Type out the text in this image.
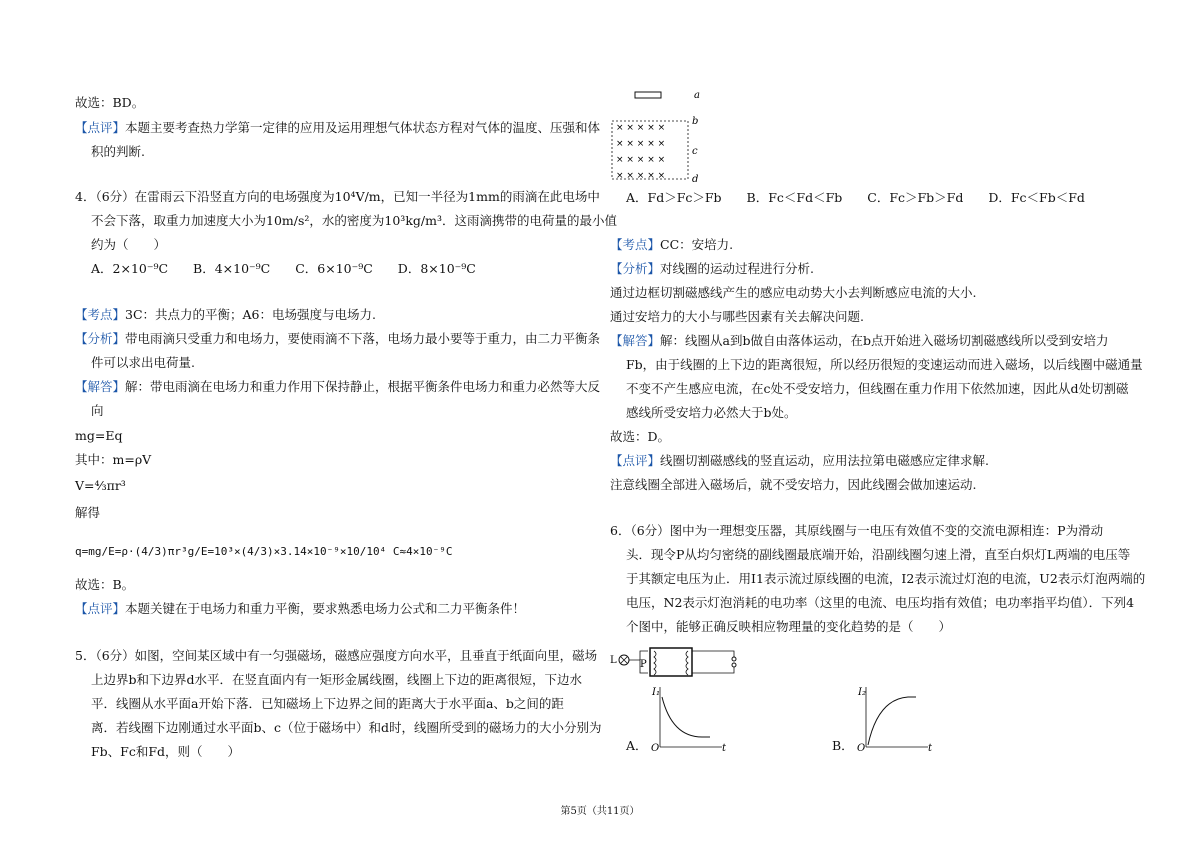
故选：BD。
【点评】本题主要考查热力学第一定律的应用及运用理想气体状态方程对气体的温度、压强和体
积的判断.
4．（6分）在雷雨云下沿竖直方向的电场强度为10⁴V/m，已知一半径为1mm的雨滴在此电场中
不会下落，取重力加速度大小为10m/s²，水的密度为10³kg/m³．这雨滴携带的电荷量的最小值
约为（　　）
A．2×10⁻⁹C　　B．4×10⁻⁹C　　C．6×10⁻⁹C　　D．8×10⁻⁹C
【考点】3C：共点力的平衡；A6：电场强度与电场力.
【分析】带电雨滴只受重力和电场力，要使雨滴不下落，电场力最小要等于重力，由二力平衡条
件可以求出电荷量.
【解答】解：带电雨滴在电场力和重力作用下保持静止，根据平衡条件电场力和重力必然等大反
向
mg=Eq
其中：m=ρV
V=⁴⁄₃πr³
解得
q=mg/E=ρ·(4/3)πr³g/E=10³×(4/3)×3.14×10⁻⁹×10/10⁴ C≈4×10⁻⁹C
故选：B。
【点评】本题关键在于电场力和重力平衡，要求熟悉电场力公式和二力平衡条件！
5．（6分）如图，空间某区域中有一匀强磁场，磁感应强度方向水平，且垂直于纸面向里，磁场
上边界b和下边界d水平．在竖直面内有一矩形金属线圈，线圈上下边的距离很短，下边水
平．线圈从水平面a开始下落．已知磁场上下边界之间的距离大于水平面a、b之间的距
离．若线圈下边刚通过水平面b、c（位于磁场中）和d时，线圈所受到的磁场力的大小分别为
Fb、Fc和Fd，则（　　）
× × × × ×
× × × × ×
× × × × ×
× × × × ×
a
b
c
d
A．Fd＞Fc＞Fb　　B．Fc＜Fd＜Fb　　C．Fc＞Fb＞Fd　　D．Fc＜Fb＜Fd
【考点】CC：安培力.
【分析】对线圈的运动过程进行分析.
通过边框切割磁感线产生的感应电动势大小去判断感应电流的大小.
通过安培力的大小与哪些因素有关去解决问题.
【解答】解：线圈从a到b做自由落体运动，在b点开始进入磁场切割磁感线所以受到安培力
Fb，由于线圈的上下边的距离很短，所以经历很短的变速运动而进入磁场，以后线圈中磁通量
不变不产生感应电流，在c处不受安培力，但线圈在重力作用下依然加速，因此从d处切割磁
感线所受安培力必然大于b处。
故选：D。
【点评】线圈切割磁感线的竖直运动，应用法拉第电磁感应定律求解.
注意线圈全部进入磁场后，就不受安培力，因此线圈会做加速运动.
6．（6分）图中为一理想变压器，其原线圈与一电压有效值不变的交流电源相连：P为滑动
头．现令P从均匀密绕的副线圈最底端开始，沿副线圈匀速上滑，直至白炽灯L两端的电压等
于其额定电压为止．用I1表示流过原线圈的电流，I2表示流过灯泡的电流，U2表示灯泡两端的
电压，N2表示灯泡消耗的电功率（这里的电流、电压均指有效值；电功率指平均值）．下列4
个图中，能够正确反映相应物理量的变化趋势的是（　　）
L P
A．
I₁
O	t	B．
I₂
O	t
第5页（共11页）
